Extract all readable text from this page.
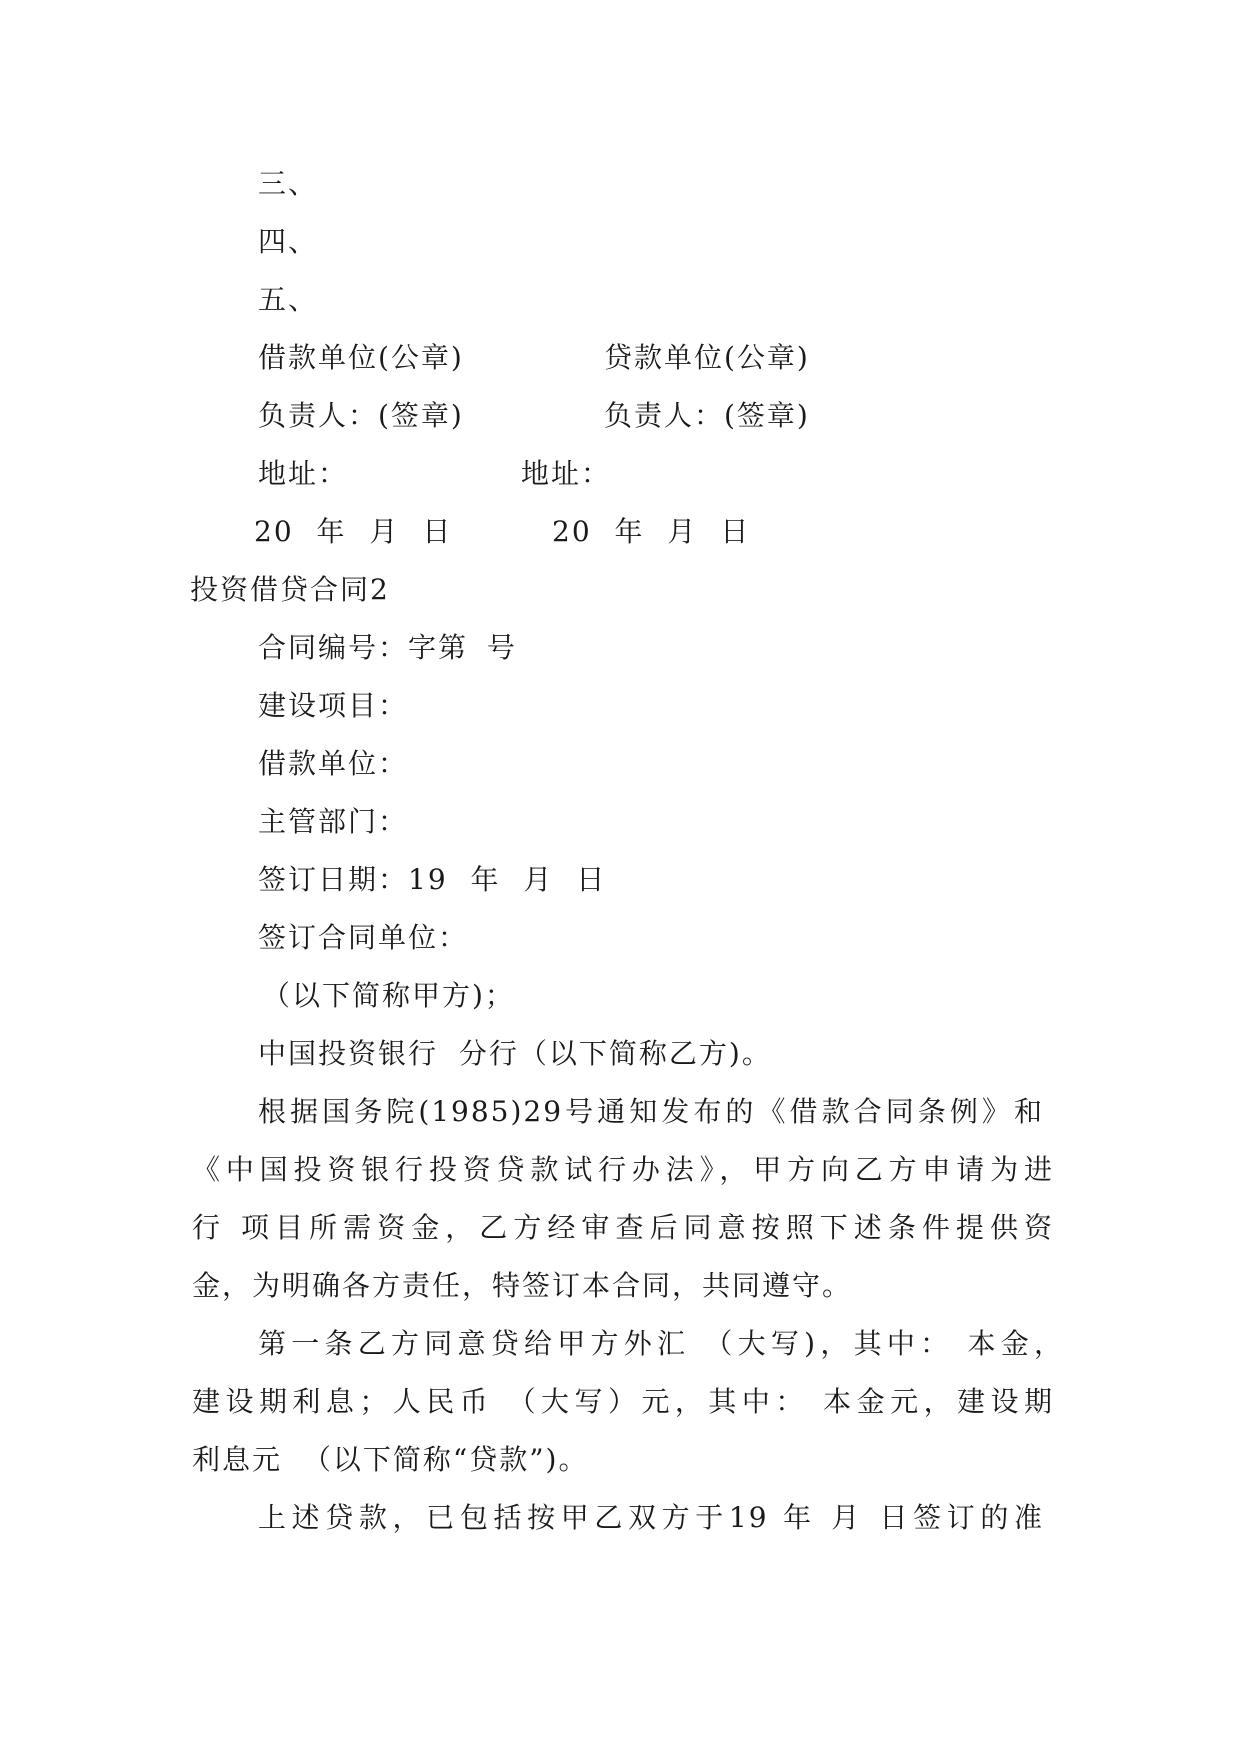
三、
四、
五、
借款单位(公章)	贷款单位(公章)
负责人：(签章)	负责人：(签章)
地址：	地址：
20 年 月 日	20 年 月 日
投资借贷合同2
合同编号：字第 号
建设项目：
借款单位：
主管部门：
签订日期：19 年 月 日
签订合同单位：
（以下简称甲方)；
中国投资银行 分行（以下简称乙方)。
根据国务院(1985)29号通知发布的《借款合同条例》和
《中国投资银行投资贷款试行办法》，甲方向乙方申请为进
行 项目所需资金，乙方经审查后同意按照下述条件提供资
金，为明确各方责任，特签订本合同，共同遵守。
第一条乙方同意贷给甲方外汇 （大写)，其中： 本金，
建设期利息；人民币 （大写）元，其中： 本金元，建设期
利息元 （以下简称“贷款”)。
上述贷款，已包括按甲乙双方于19 年 月 日签订的准
